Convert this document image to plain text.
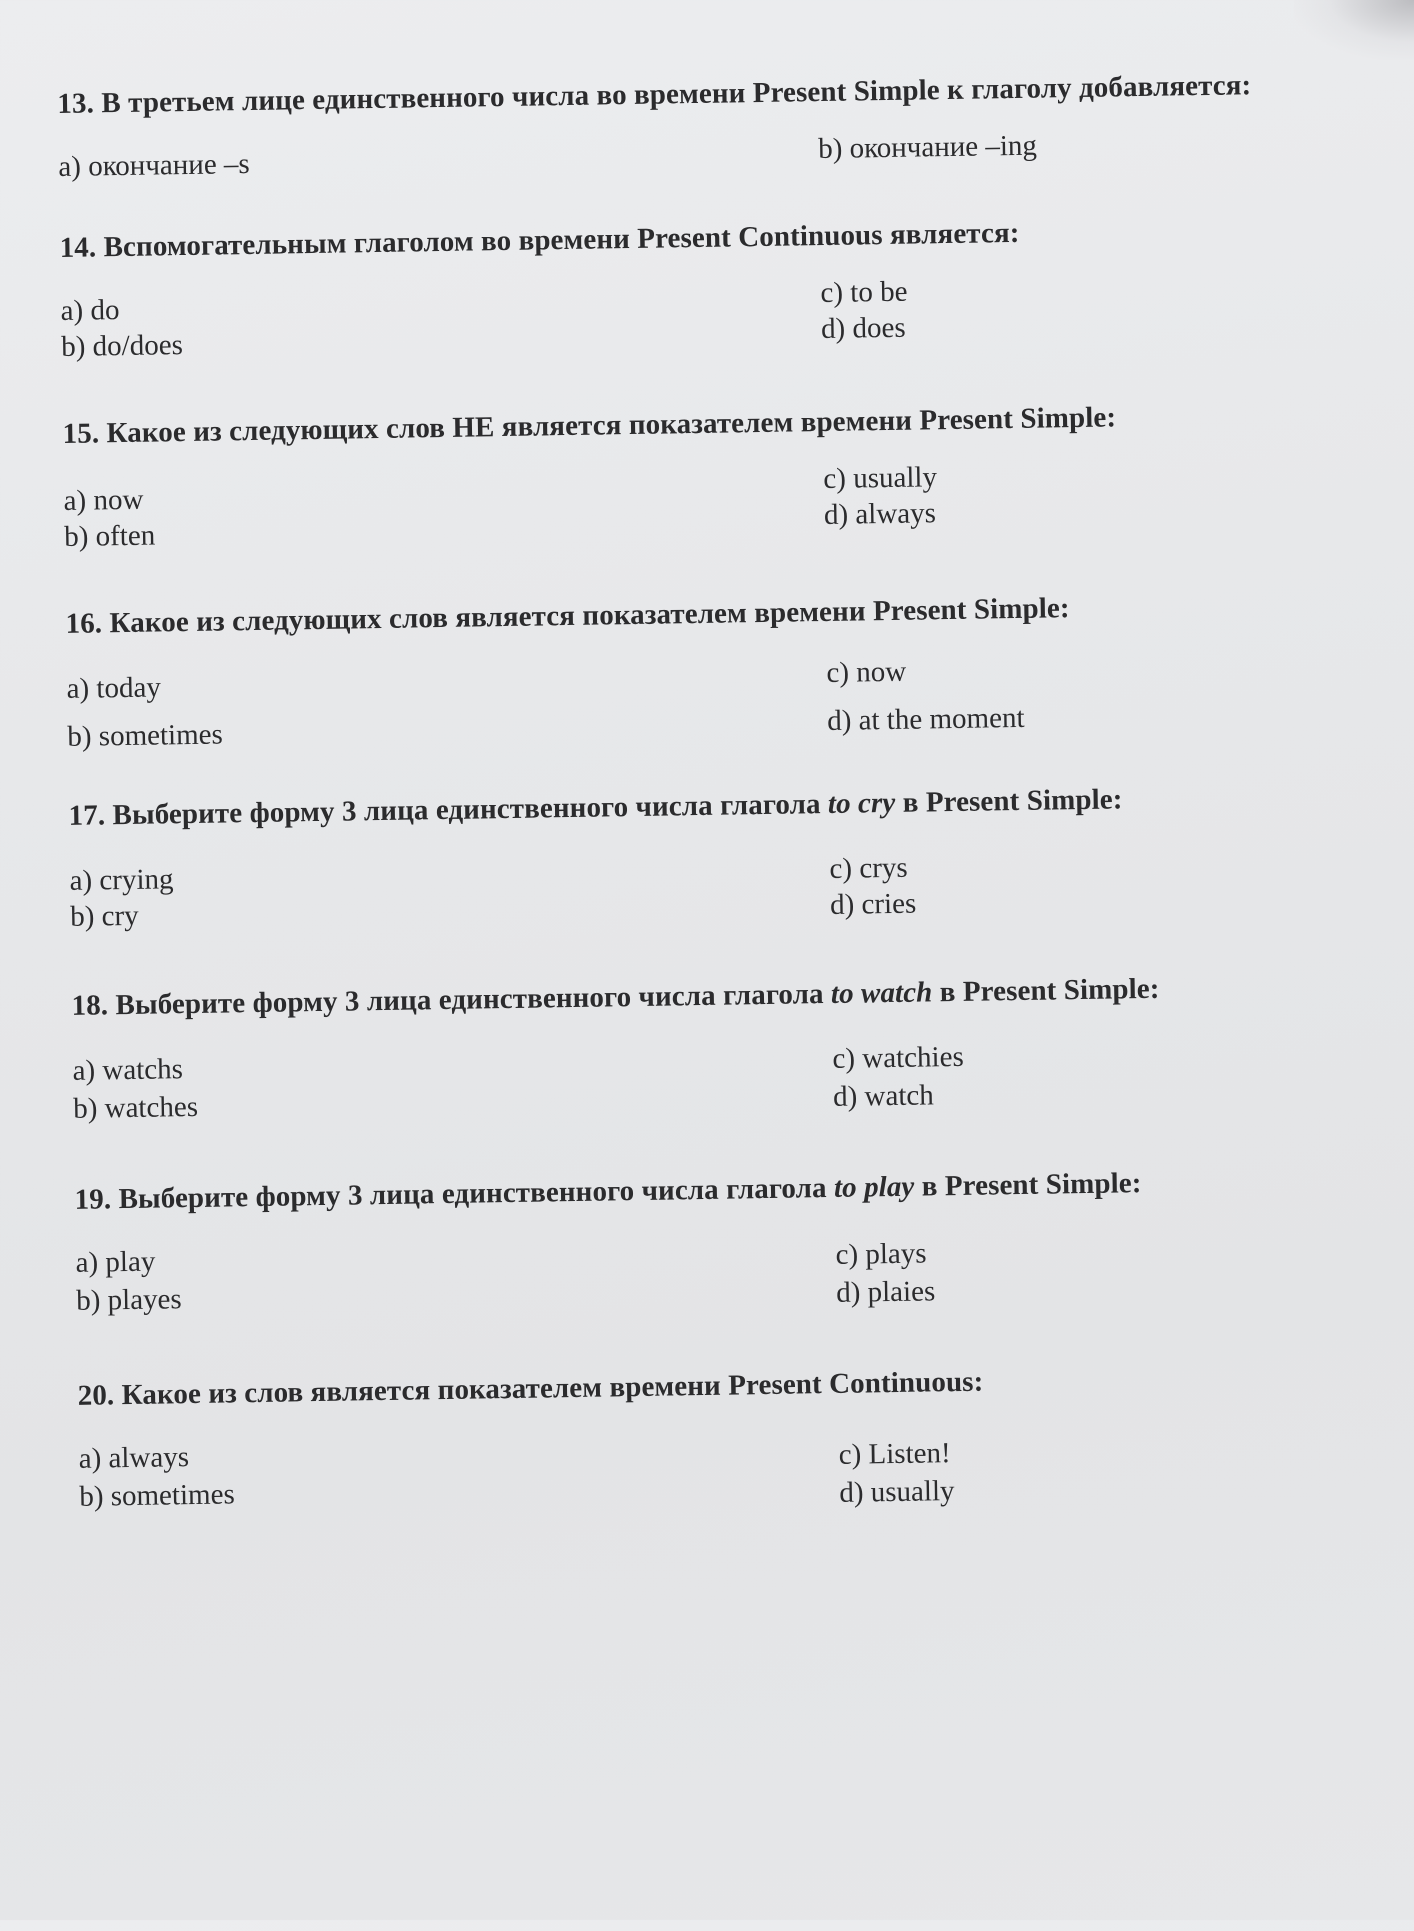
13. В третьем лице единственного числа во времени Present Simple к глаголу добавляется:
a) окончание –s
b) окончание –ing
14. Вспомогательным глаголом во времени Present Continuous является:
a) do
b) do/does
c) to be
d) does
15. Какое из следующих слов НЕ является показателем времени Present Simple:
a) now
b) often
c) usually
d) always
16. Какое из следующих слов является показателем времени Present Simple:
a) today
b) sometimes
c) now
d) at the moment
17. Выберите форму 3 лица единственного числа глагола to cry в Present Simple:
a) crying
b) cry
c) crys
d) cries
18. Выберите форму 3 лица единственного числа глагола to watch в Present Simple:
a) watchs
b) watches
c) watchies
d) watch
19. Выберите форму 3 лица единственного числа глагола to play в Present Simple:
a) play
b) playes
c) plays
d) plaies
20. Какое из слов является показателем времени Present Continuous:
a) always
b) sometimes
c) Listen!
d) usually
